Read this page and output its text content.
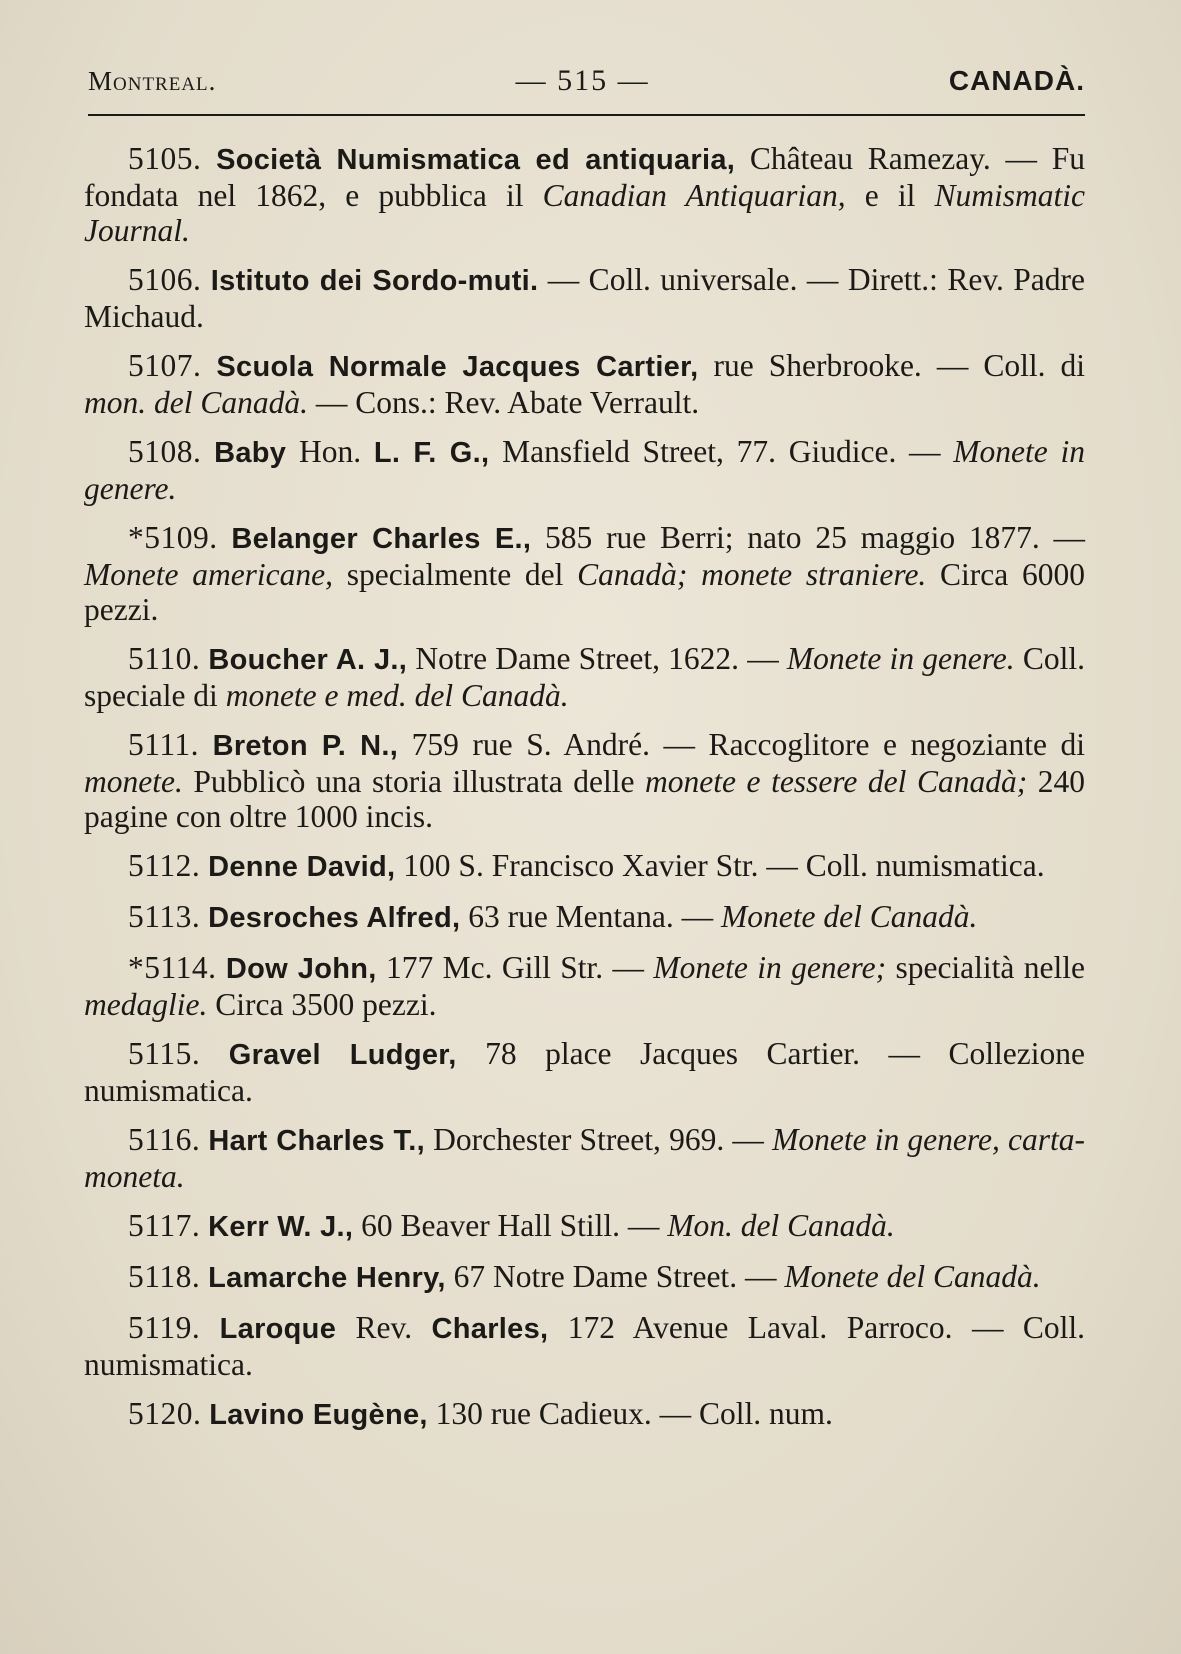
Montreal.	— 515 —	CANADÀ.

5105. Società Numismatica ed antiquaria, Château Ramezay. — Fu fondata nel 1862, e pubblica il Canadian Antiquarian, e il Numismatic Journal.

5106. Istituto dei Sordo-muti. — Coll. universale. — Dirett.: Rev. Padre Michaud.

5107. Scuola Normale Jacques Cartier, rue Sherbrooke. — Coll. di mon. del Canadà. — Cons.: Rev. Abate Verrault.

5108. Baby Hon. L. F. G., Mansfield Street, 77. Giudice. — Monete in genere.

*5109. Belanger Charles E., 585 rue Berri; nato 25 maggio 1877. — Monete americane, specialmente del Canadà; monete straniere. Circa 6000 pezzi.

5110. Boucher A. J., Notre Dame Street, 1622. — Monete in genere. Coll. speciale di monete e med. del Canadà.

5111. Breton P. N., 759 rue S. André. — Raccoglitore e negoziante di monete. Pubblicò una storia illustrata delle monete e tessere del Canadà; 240 pagine con oltre 1000 incis.

5112. Denne David, 100 S. Francisco Xavier Str. — Coll. numismatica.

5113. Desroches Alfred, 63 rue Mentana. — Monete del Canadà.

*5114. Dow John, 177 Mc. Gill Str. — Monete in genere; specialità nelle medaglie. Circa 3500 pezzi.

5115. Gravel Ludger, 78 place Jacques Cartier. — Collezione numismatica.

5116. Hart Charles T., Dorchester Street, 969. — Monete in genere, carta-moneta.

5117. Kerr W. J., 60 Beaver Hall Still. — Mon. del Canadà.

5118. Lamarche Henry, 67 Notre Dame Street. — Monete del Canadà.

5119. Laroque Rev. Charles, 172 Avenue Laval. Parroco. — Coll. numismatica.

5120. Lavino Eugène, 130 rue Cadieux. — Coll. num.
